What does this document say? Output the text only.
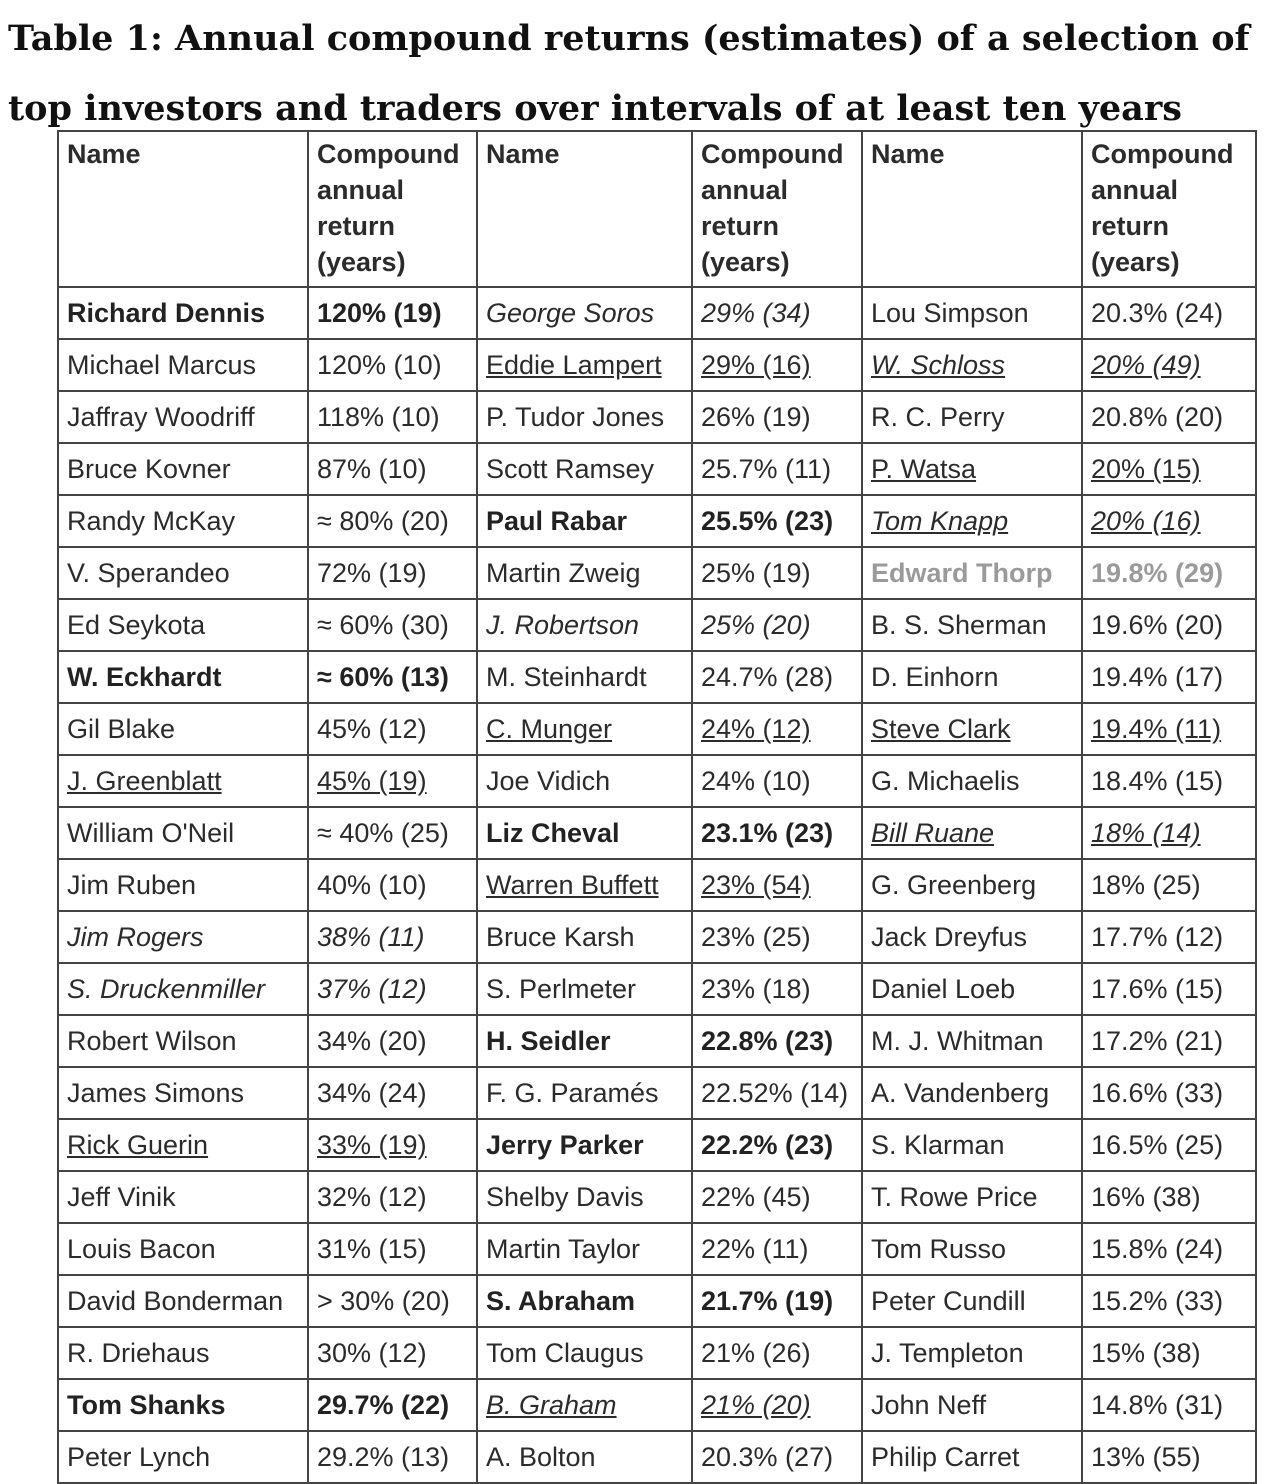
Table 1: Annual compound returns (estimates) of a selection of top investors and traders over intervals of at least ten years
Name	Compound
annual
return
(years)	Name	Compound
annual
return
(years)	Name	Compound
annual
return
(years)
Richard Dennis	120% (19)	George Soros	29% (34)	Lou Simpson	20.3% (24)
Michael Marcus	120% (10)	Eddie Lampert	29% (16)	W. Schloss	20% (49)
Jaffray Woodriff	118% (10)	P. Tudor Jones	26% (19)	R. C. Perry	20.8% (20)
Bruce Kovner	87% (10)	Scott Ramsey	25.7% (11)	P. Watsa	20% (15)
Randy McKay	≈ 80% (20)	Paul Rabar	25.5% (23)	Tom Knapp	20% (16)
V. Sperandeo	72% (19)	Martin Zweig	25% (19)	Edward Thorp	19.8% (29)
Ed Seykota	≈ 60% (30)	J. Robertson	25% (20)	B. S. Sherman	19.6% (20)
W. Eckhardt	≈ 60% (13)	M. Steinhardt	24.7% (28)	D. Einhorn	19.4% (17)
Gil Blake	45% (12)	C. Munger	24% (12)	Steve Clark	19.4% (11)
J. Greenblatt	45% (19)	Joe Vidich	24% (10)	G. Michaelis	18.4% (15)
William O'Neil	≈ 40% (25)	Liz Cheval	23.1% (23)	Bill Ruane	18% (14)
Jim Ruben	40% (10)	Warren Buffett	23% (54)	G. Greenberg	18% (25)
Jim Rogers	38% (11)	Bruce Karsh	23% (25)	Jack Dreyfus	17.7% (12)
S. Druckenmiller	37% (12)	S. Perlmeter	23% (18)	Daniel Loeb	17.6% (15)
Robert Wilson	34% (20)	H. Seidler	22.8% (23)	M. J. Whitman	17.2% (21)
James Simons	34% (24)	F. G. Paramés	22.52% (14)	A. Vandenberg	16.6% (33)
Rick Guerin	33% (19)	Jerry Parker	22.2% (23)	S. Klarman	16.5% (25)
Jeff Vinik	32% (12)	Shelby Davis	22% (45)	T. Rowe Price	16% (38)
Louis Bacon	31% (15)	Martin Taylor	22% (11)	Tom Russo	15.8% (24)
David Bonderman	> 30% (20)	S. Abraham	21.7% (19)	Peter Cundill	15.2% (33)
R. Driehaus	30% (12)	Tom Claugus	21% (26)	J. Templeton	15% (38)
Tom Shanks	29.7% (22)	B. Graham	21% (20)	John Neff	14.8% (31)
Peter Lynch	29.2% (13)	A. Bolton	20.3% (27)	Philip Carret	13% (55)
